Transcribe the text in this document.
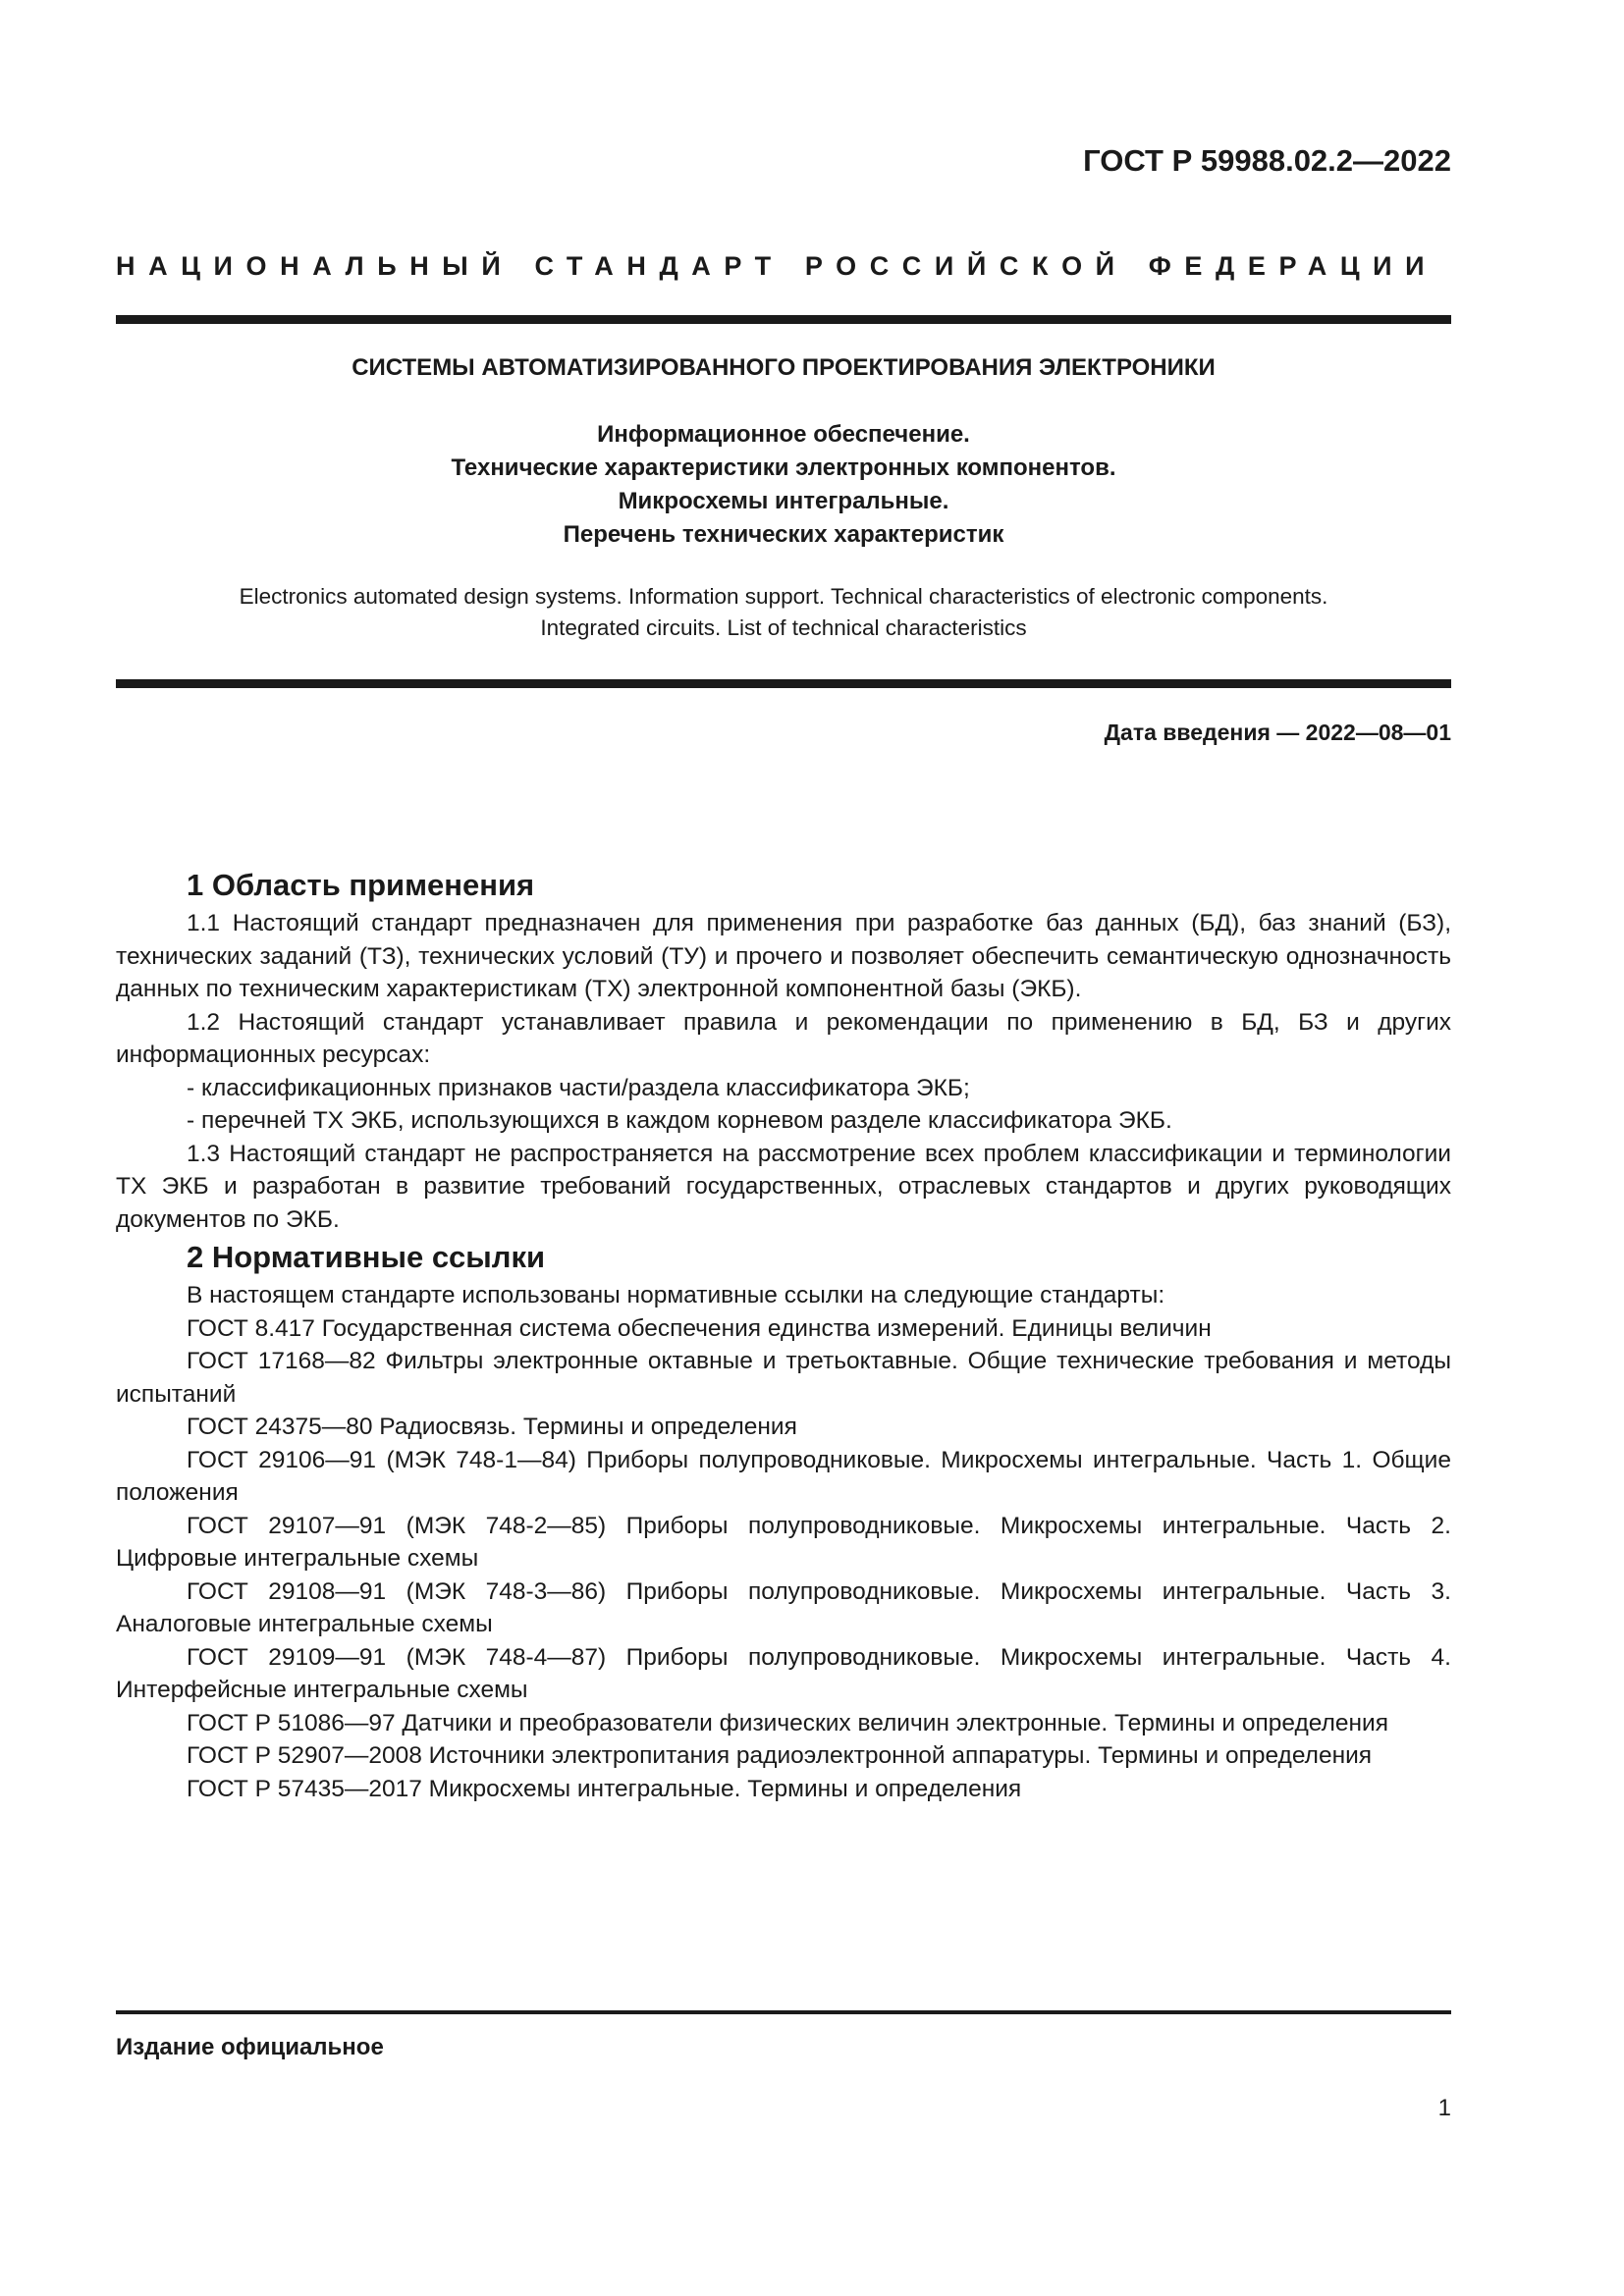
ГОСТ Р 59988.02.2—2022
НАЦИОНАЛЬНЫЙ СТАНДАРТ РОССИЙСКОЙ ФЕДЕРАЦИИ
СИСТЕМЫ АВТОМАТИЗИРОВАННОГО ПРОЕКТИРОВАНИЯ ЭЛЕКТРОНИКИ
Информационное обеспечение.
Технические характеристики электронных компонентов.
Микросхемы интегральные.
Перечень технических характеристик
Electronics automated design systems. Information support. Technical characteristics of electronic components.
Integrated circuits. List of technical characteristics
Дата введения — 2022—08—01
1 Область применения

1.1 Настоящий стандарт предназначен для применения при разработке баз данных (БД), баз знаний (БЗ), технических заданий (ТЗ), технических условий (ТУ) и прочего и позволяет обеспечить семантическую однозначность данных по техническим характеристикам (ТХ) электронной компонентной базы (ЭКБ).

1.2 Настоящий стандарт устанавливает правила и рекомендации по применению в БД, БЗ и других информационных ресурсах:

- классификационных признаков части/раздела классификатора ЭКБ;

- перечней ТХ ЭКБ, использующихся в каждом корневом разделе классификатора ЭКБ.

1.3 Настоящий стандарт не распространяется на рассмотрение всех проблем классификации и терминологии ТХ ЭКБ и разработан в развитие требований государственных, отраслевых стандартов и других руководящих документов по ЭКБ.

2 Нормативные ссылки

В настоящем стандарте использованы нормативные ссылки на следующие стандарты:

ГОСТ 8.417 Государственная система обеспечения единства измерений. Единицы величин

ГОСТ 17168—82 Фильтры электронные октавные и третьоктавные. Общие технические требования и методы испытаний

ГОСТ 24375—80 Радиосвязь. Термины и определения

ГОСТ 29106—91 (МЭК 748-1—84) Приборы полупроводниковые. Микросхемы интегральные. Часть 1. Общие положения

ГОСТ 29107—91 (МЭК 748-2—85) Приборы полупроводниковые. Микросхемы интегральные. Часть 2. Цифровые интегральные схемы

ГОСТ 29108—91 (МЭК 748-3—86) Приборы полупроводниковые. Микросхемы интегральные. Часть 3. Аналоговые интегральные схемы

ГОСТ 29109—91 (МЭК 748-4—87) Приборы полупроводниковые. Микросхемы интегральные. Часть 4. Интерфейсные интегральные схемы

ГОСТ Р 51086—97 Датчики и преобразователи физических величин электронные. Термины и определения

ГОСТ Р 52907—2008 Источники электропитания радиоэлектронной аппаратуры. Термины и определения

ГОСТ Р 57435—2017 Микросхемы интегральные. Термины и определения

Издание официальное
1
